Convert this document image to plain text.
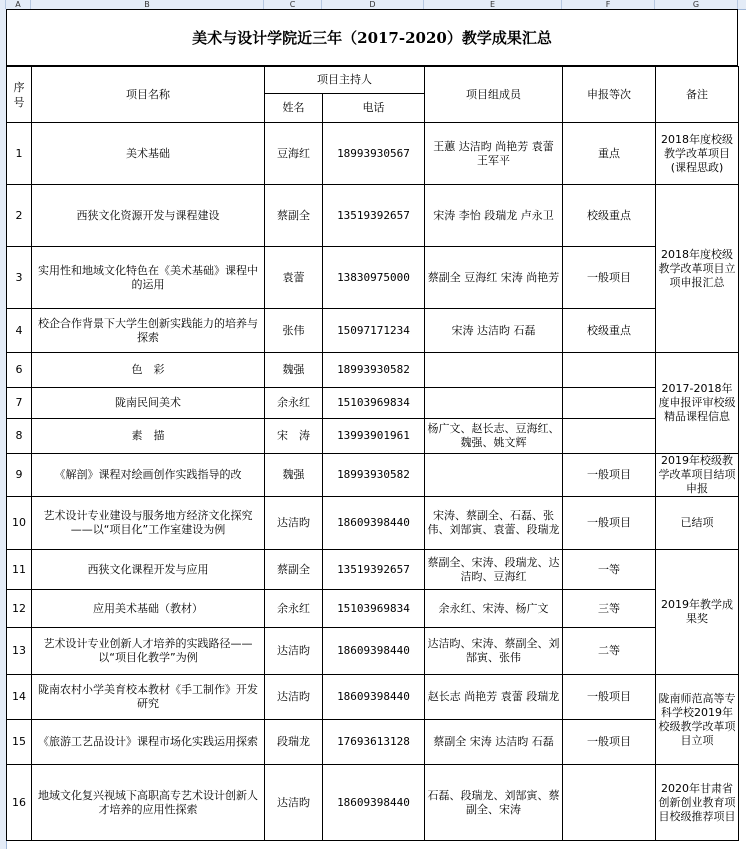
A	B	C	D	E	F	G
美术与设计学院近三年（2017-2020）教学成果汇总
序号	项目名称	项目主持人		项目组成员	申报等次	备注
		姓名	电话			
1	美术基础	豆海红	18993930567	王蕙 达洁昀 尚艳芳 袁蕾 王军平	重点	2018年度校级教学改革项目(课程思政)
2	西狭文化资源开发与课程建设	蔡副全	13519392657	宋涛 李怡 段瑞龙 卢永卫	校级重点	2018年度校级教学改革项目立项申报汇总
3	实用性和地域文化特色在《美术基础》课程中的运用	袁蕾	13830975000	蔡副全 豆海红 宋涛 尚艳芳	一般项目	
4	校企合作背景下大学生创新实践能力的培养与探索	张伟	15097171234	宋涛 达洁昀 石磊	校级重点	
6	色　彩	魏强	18993930582			2017-2018年度申报评审校级精品课程信息
7	陇南民间美术	余永红	15103969834			
8	素　描	宋　涛	13993901961	杨广文、赵长志、豆海红、魏强、姚文辉		
9	《解剖》课程对绘画创作实践指导的改	魏强	18993930582		一般项目	2019年校级教学改革项目结项申报
10	艺术设计专业建设与服务地方经济文化探究——以“项目化”工作室建设为例	达洁昀	18609398440	宋涛、蔡副全、石磊、张伟、刘郜寅、袁蕾、段瑞龙	一般项目	已结项
11	西狭文化课程开发与应用	蔡副全	13519392657	蔡副全、宋涛、段瑞龙、达洁昀、豆海红	一等	2019年教学成果奖
12	应用美术基础（教材）	余永红	15103969834	余永红、宋涛、杨广文	三等	
13	艺术设计专业创新人才培养的实践路径——以“项目化教学”为例	达洁昀	18609398440	达洁昀、宋涛、蔡副全、刘郜寅、张伟	二等	
14	陇南农村小学美育校本教材《手工制作》开发研究	达洁昀	18609398440	赵长志 尚艳芳 袁蕾 段瑞龙	一般项目	陇南师范高等专科学校2019年校级教学改革项目立项
15	《旅游工艺品设计》课程市场化实践运用探索	段瑞龙	17693613128	蔡副全 宋涛 达洁昀 石磊	一般项目	
16	地域文化复兴视域下高职高专艺术设计创新人才培养的应用性探索	达洁昀	18609398440	石磊、段瑞龙、刘郜寅、蔡副全、宋涛		2020年甘肃省创新创业教育项目校级推荐项目
